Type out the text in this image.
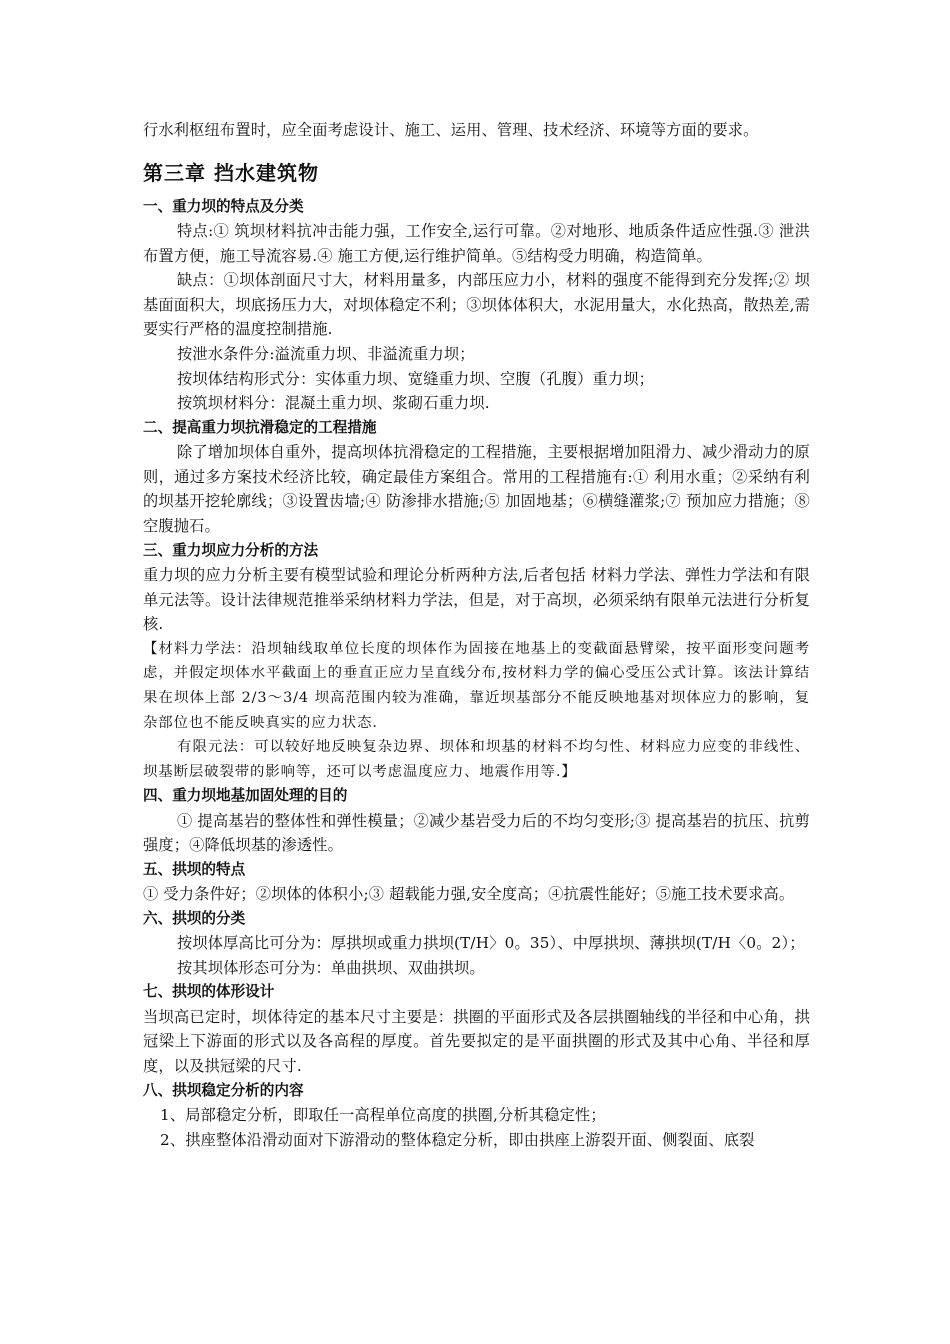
行水利枢纽布置时，应全面考虑设计、施工、运用、管理、技术经济、环境等方面的要求。

第三章 挡水建筑物
一、重力坝的特点及分类

特点:① 筑坝材料抗冲击能力强，工作安全,运行可靠。②对地形、地质条件适应性强.③ 泄洪布置方便，施工导流容易.④ 施工方便,运行维护简单。⑤结构受力明确，构造简单。

缺点：①坝体剖面尺寸大，材料用量多，内部压应力小，材料的强度不能得到充分发挥;② 坝基面面积大，坝底扬压力大，对坝体稳定不利；③坝体体积大，水泥用量大，水化热高，散热差,需要实行严格的温度控制措施.

按泄水条件分:溢流重力坝、非溢流重力坝；

按坝体结构形式分：实体重力坝、宽缝重力坝、空腹（孔腹）重力坝；

按筑坝材料分：混凝土重力坝、浆砌石重力坝.

二、提高重力坝抗滑稳定的工程措施

除了增加坝体自重外，提高坝体抗滑稳定的工程措施，主要根据增加阻滑力、减少滑动力的原则，通过多方案技术经济比较，确定最佳方案组合。常用的工程措施有:① 利用水重；②采纳有利的坝基开挖轮廓线；③设置齿墙;④ 防渗排水措施;⑤ 加固地基；⑥横缝灌浆;⑦ 预加应力措施；⑧空腹抛石。

三、重力坝应力分析的方法

重力坝的应力分析主要有模型试验和理论分析两种方法,后者包括 材料力学法、弹性力学法和有限单元法等。设计法律规范推举采纳材料力学法，但是，对于高坝，必须采纳有限单元法进行分析复核.

【材料力学法：沿坝轴线取单位长度的坝体作为固接在地基上的变截面悬臂梁，按平面形变问题考虑，并假定坝体水平截面上的垂直正应力呈直线分布,按材料力学的偏心受压公式计算。该法计算结果在坝体上部 2/3～3/4 坝高范围内较为准确，靠近坝基部分不能反映地基对坝体应力的影响，复杂部位也不能反映真实的应力状态.

有限元法：可以较好地反映复杂边界、坝体和坝基的材料不均匀性、材料应力应变的非线性、坝基断层破裂带的影响等，还可以考虑温度应力、地震作用等.】

四、重力坝地基加固处理的目的

① 提高基岩的整体性和弹性模量；②减少基岩受力后的不均匀变形;③ 提高基岩的抗压、抗剪强度；④降低坝基的渗透性。

五、拱坝的特点

① 受力条件好；②坝体的体积小;③ 超载能力强,安全度高；④抗震性能好；⑤施工技术要求高。

六、拱坝的分类

按坝体厚高比可分为：厚拱坝或重力拱坝(T/H〉0。35）、中厚拱坝、薄拱坝(T/H〈0。2）；

按其坝体形态可分为：单曲拱坝、双曲拱坝。

七、拱坝的体形设计

当坝高已定时，坝体待定的基本尺寸主要是：拱圈的平面形式及各层拱圈轴线的半径和中心角，拱冠梁上下游面的形式以及各高程的厚度。首先要拟定的是平面拱圈的形式及其中心角、半径和厚度，以及拱冠梁的尺寸.

八、拱坝稳定分析的内容

1、局部稳定分析，即取任一高程单位高度的拱圈,分析其稳定性；

2、拱座整体沿滑动面对下游滑动的整体稳定分析，即由拱座上游裂开面、侧裂面、底裂
